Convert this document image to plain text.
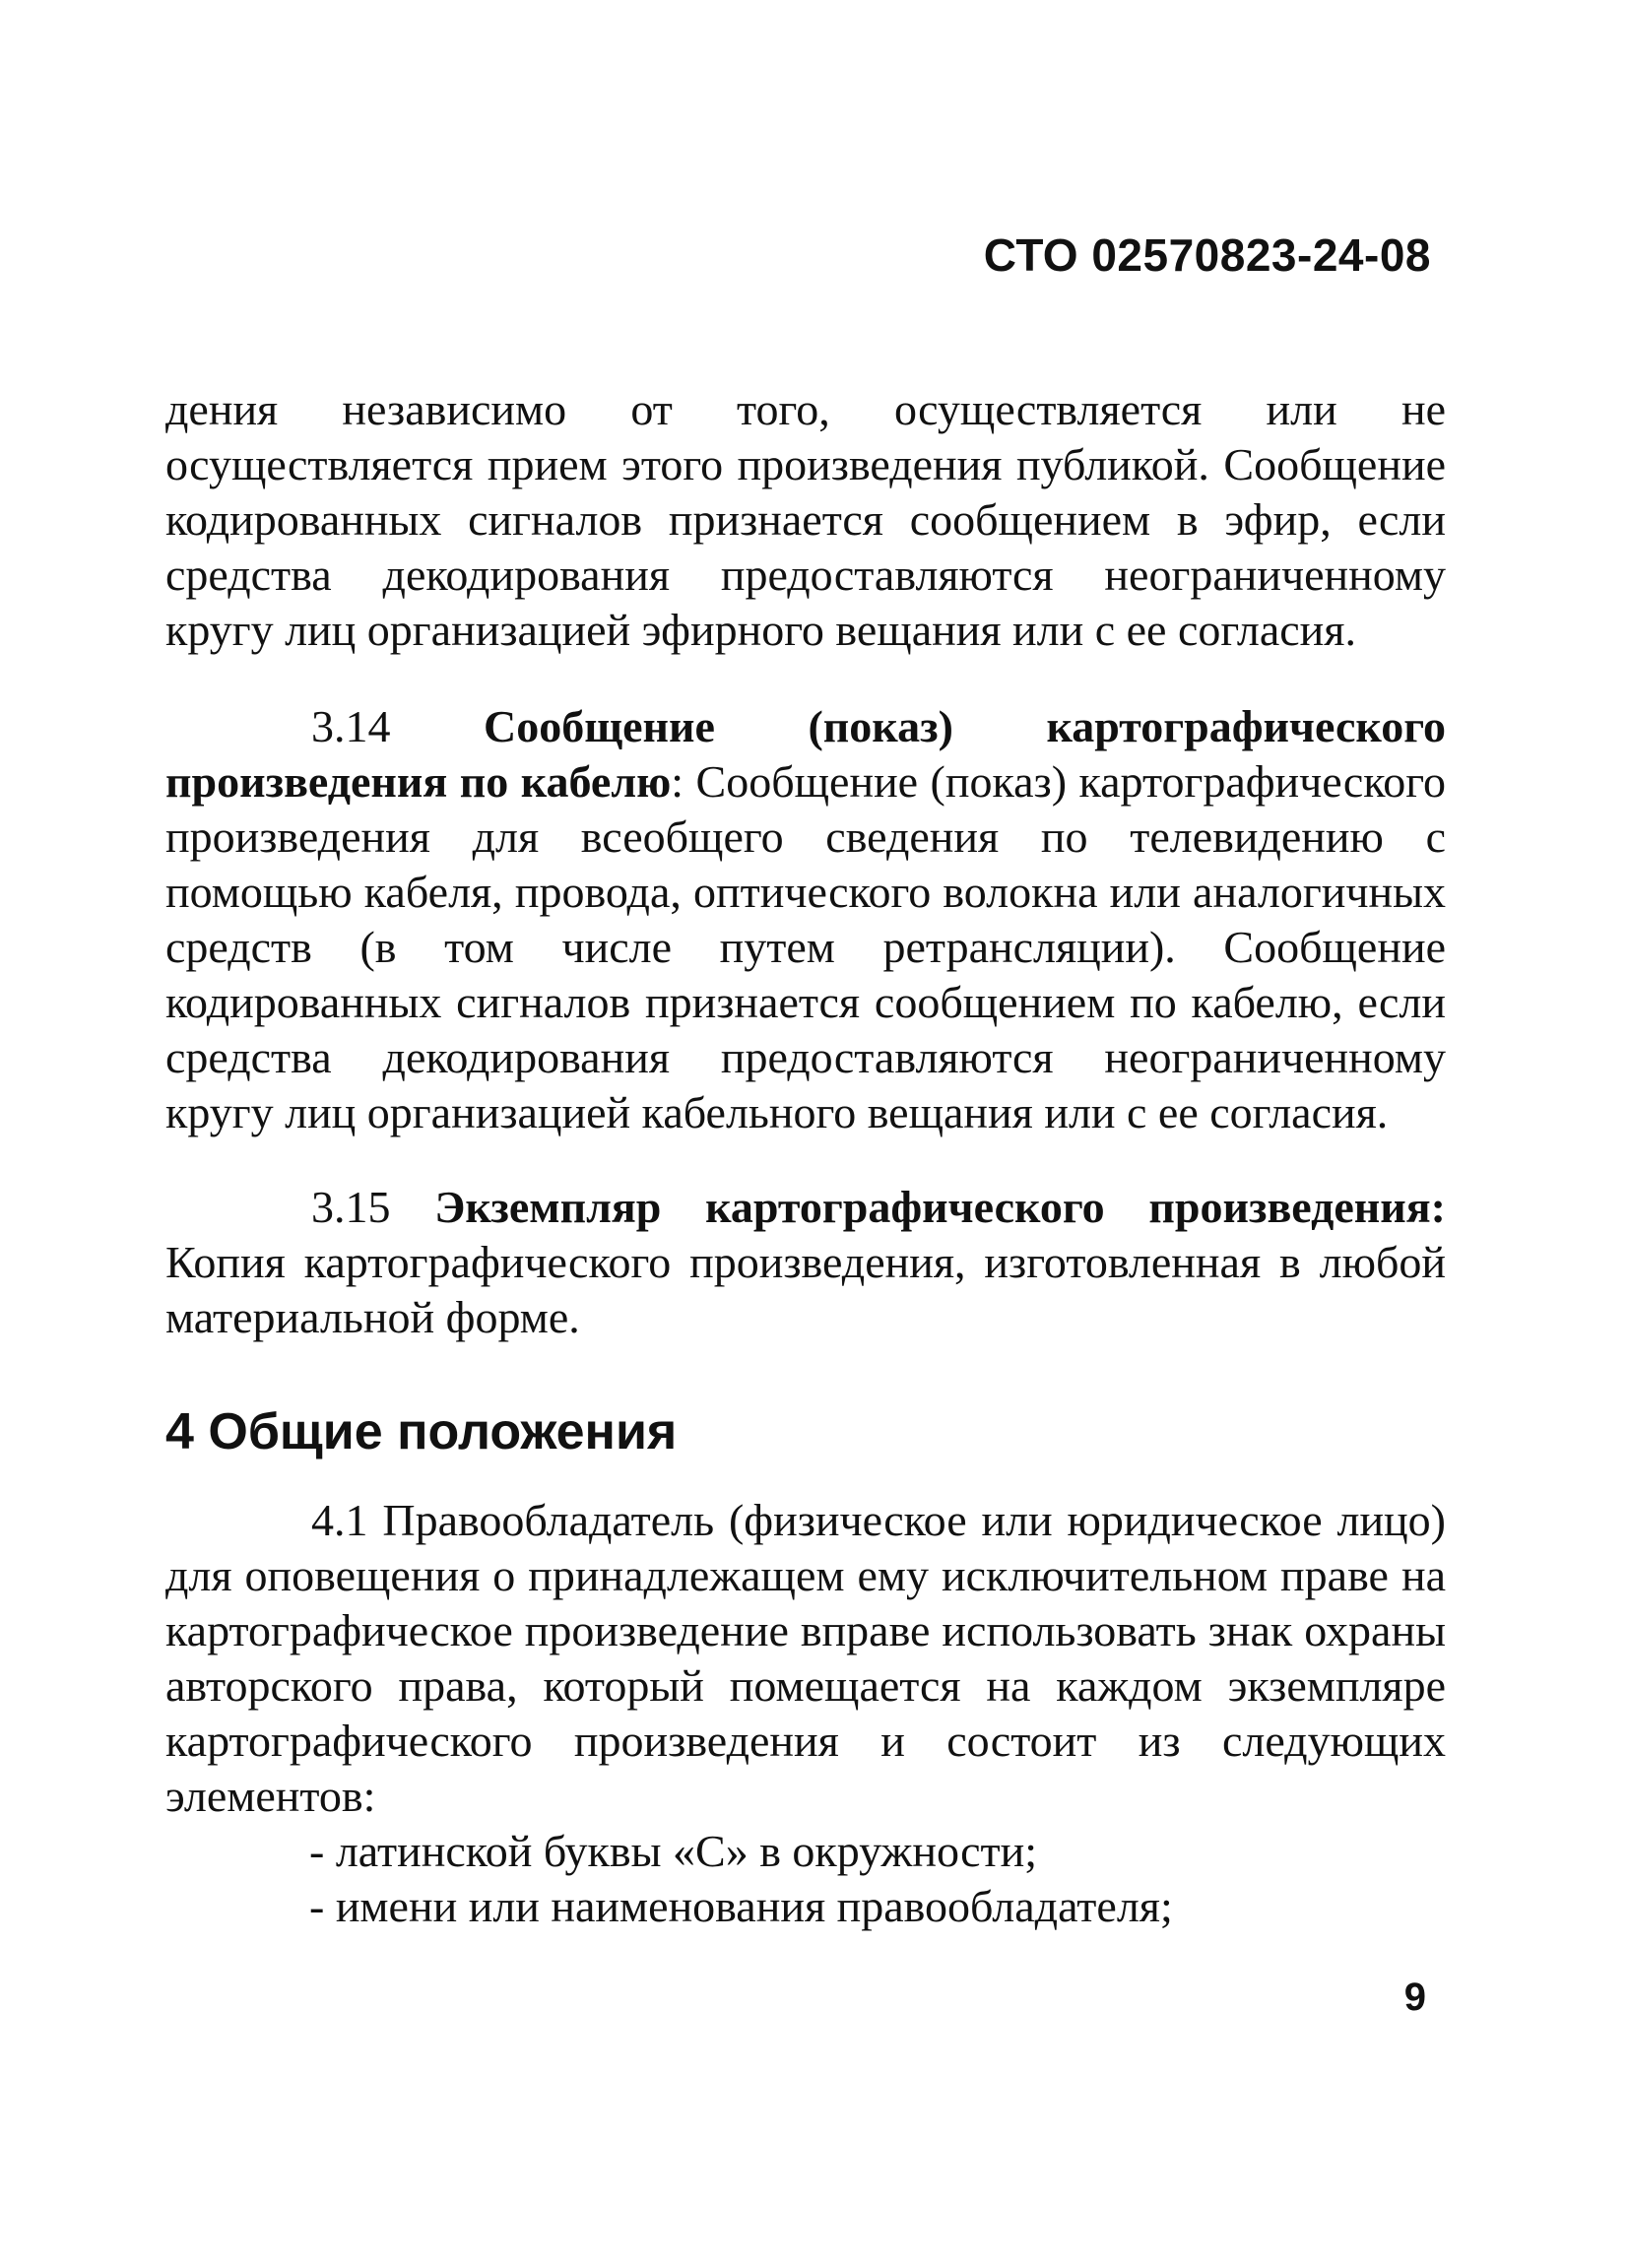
СТО 02570823-24-08

дения независимо от того, осуществляется или не осуществляется прием этого произведения публикой. Сообщение кодированных сигналов признается сообщением в эфир, если средства декодирования предоставляются неограниченному кругу лиц организацией эфирного вещания или с ее согласия.

3.14 Сообщение (показ) картографического произведения по кабелю: Сообщение (показ) картографического произведения для всеобщего сведения по телевидению с помощью кабеля, провода, оптического волокна или аналогичных средств (в том числе путем ретрансляции). Сообщение кодированных сигналов признается сообщением по кабелю, если средства декодирования предоставляются неограниченному кругу лиц организацией кабельного вещания или с ее согласия.

3.15 Экземпляр картографического произведения: Копия картографического произведения, изготовленная в любой материальной форме.

4 Общие положения

4.1 Правообладатель (физическое или юридическое лицо) для оповещения о принадлежащем ему исключительном праве на картографическое произведение вправе использовать знак охраны авторского права, который помещается на каждом экземпляре картографического произведения и состоит из следующих элементов:

- латинской буквы «С» в окружности;
- имени или наименования правообладателя;
9
